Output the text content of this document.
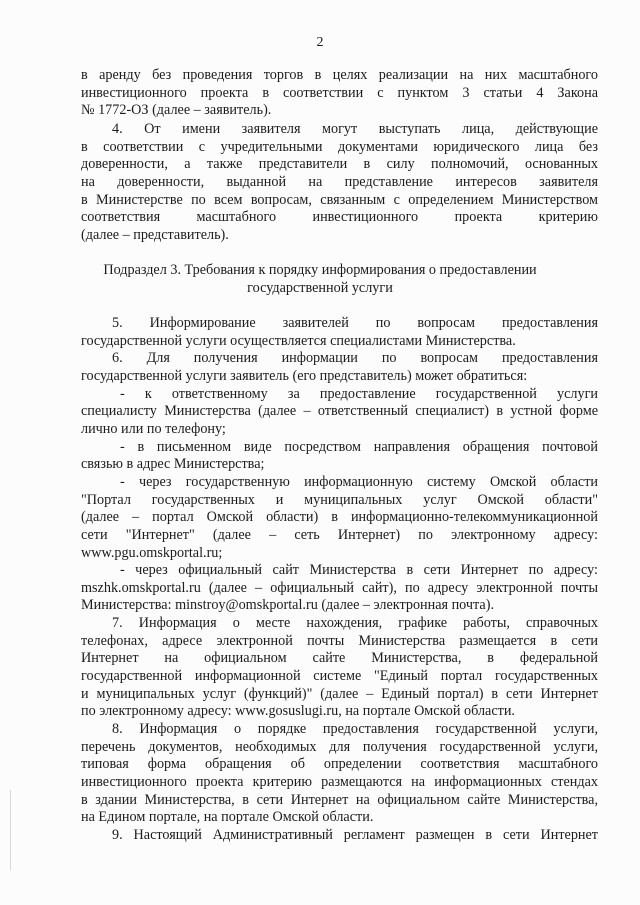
2
в аренду без проведения торгов в целях реализации на них масштабного
инвестиционного проекта в соответствии с пунктом 3 статьи 4 Закона
№ 1772-ОЗ (далее – заявитель).
4. От имени заявителя могут выступать лица, действующие
в соответствии с учредительными документами юридического лица без
доверенности, а также представители в силу полномочий, основанных
на доверенности, выданной на представление интересов заявителя
в Министерстве по всем вопросам, связанным с определением Министерством
соответствия масштабного инвестиционного проекта критерию
(далее – представитель).
Подраздел 3. Требования к порядку информирования о предоставлении
государственной услуги
5. Информирование заявителей по вопросам предоставления
государственной услуги осуществляется специалистами Министерства.
6. Для получения информации по вопросам предоставления
государственной услуги заявитель (его представитель) может обратиться:
- к ответственному за предоставление государственной услуги
специалисту Министерства (далее – ответственный специалист) в устной форме
лично или по телефону;
- в письменном виде посредством направления обращения почтовой
связью в адрес Министерства;
- через государственную информационную систему Омской области
"Портал государственных и муниципальных услуг Омской области"
(далее – портал Омской области) в информационно-телекоммуникационной
сети "Интернет" (далее – сеть Интернет) по электронному адресу:
www.pgu.omskportal.ru;
- через официальный сайт Министерства в сети Интернет по адресу:
mszhk.omskportal.ru (далее – официальный сайт), по адресу электронной почты
Министерства: minstroy@omskportal.ru (далее – электронная почта).
7. Информация о месте нахождения, графике работы, справочных
телефонах, адресе электронной почты Министерства размещается в сети
Интернет на официальном сайте Министерства, в федеральной
государственной информационной системе "Единый портал государственных
и муниципальных услуг (функций)" (далее – Единый портал) в сети Интернет
по электронному адресу: www.gosuslugi.ru, на портале Омской области.
8. Информация о порядке предоставления государственной услуги,
перечень документов, необходимых для получения государственной услуги,
типовая форма обращения об определении соответствия масштабного
инвестиционного проекта критерию размещаются на информационных стендах
в здании Министерства, в сети Интернет на официальном сайте Министерства,
на Едином портале, на портале Омской области.
9. Настоящий Административный регламент размещен в сети Интернет
